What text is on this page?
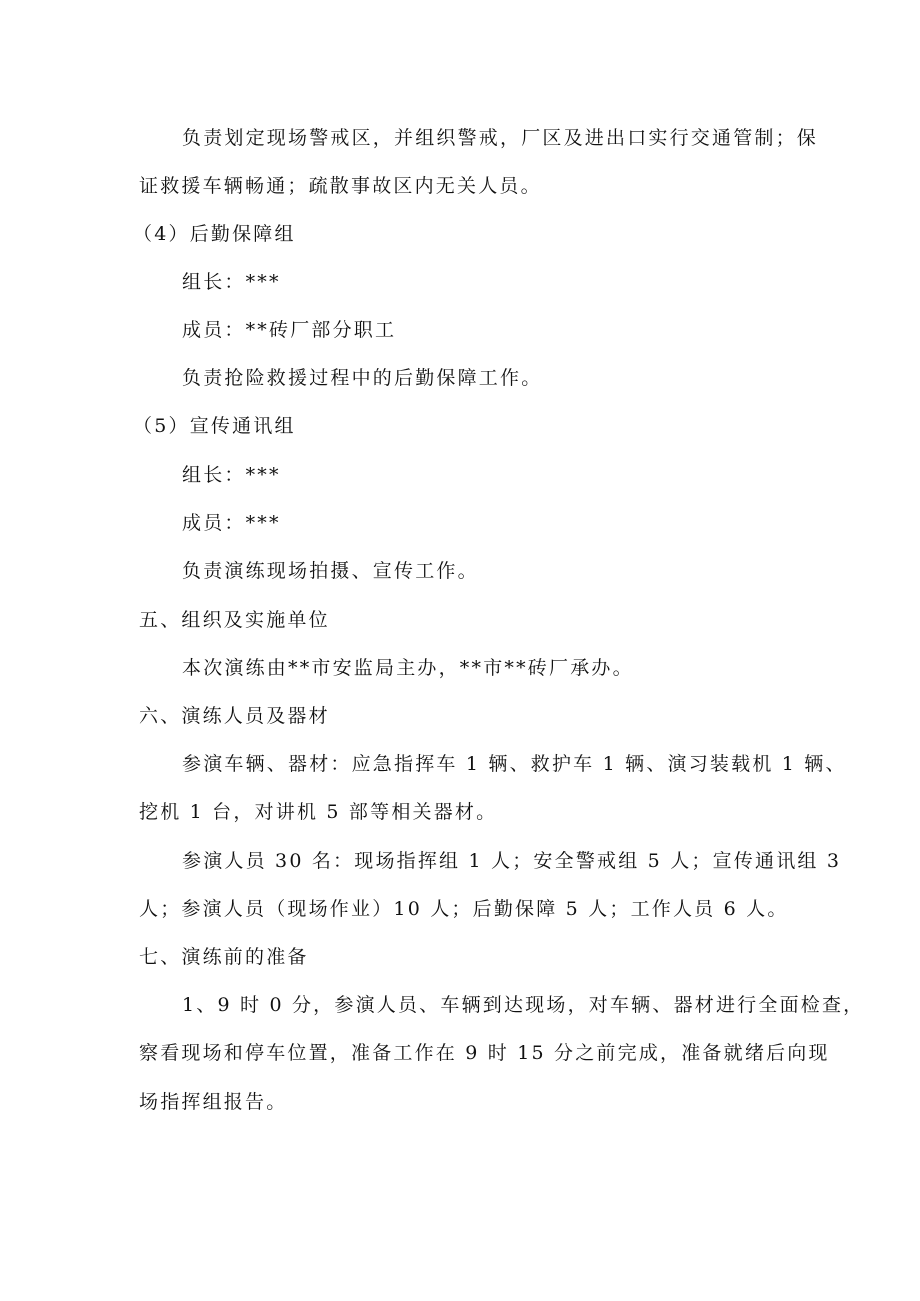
负责划定现场警戒区，并组织警戒，厂区及进出口实行交通管制；保
证救援车辆畅通；疏散事故区内无关人员。
（4）后勤保障组
组长：***
成员：**砖厂部分职工
负责抢险救援过程中的后勤保障工作。
（5）宣传通讯组
组长：***
成员：***
负责演练现场拍摄、宣传工作。
五、组织及实施单位
本次演练由**市安监局主办，**市**砖厂承办。
六、演练人员及器材
参演车辆、器材：应急指挥车 1 辆、救护车 1 辆、演习装载机 1 辆、
挖机 1 台，对讲机 5 部等相关器材。
参演人员 30 名：现场指挥组 1 人；安全警戒组 5 人；宣传通讯组 3
人；参演人员（现场作业）10 人；后勤保障 5 人；工作人员 6 人。
七、演练前的准备
1、9 时 0 分，参演人员、车辆到达现场，对车辆、器材进行全面检查，
察看现场和停车位置，准备工作在 9 时 15 分之前完成，准备就绪后向现
场指挥组报告。
